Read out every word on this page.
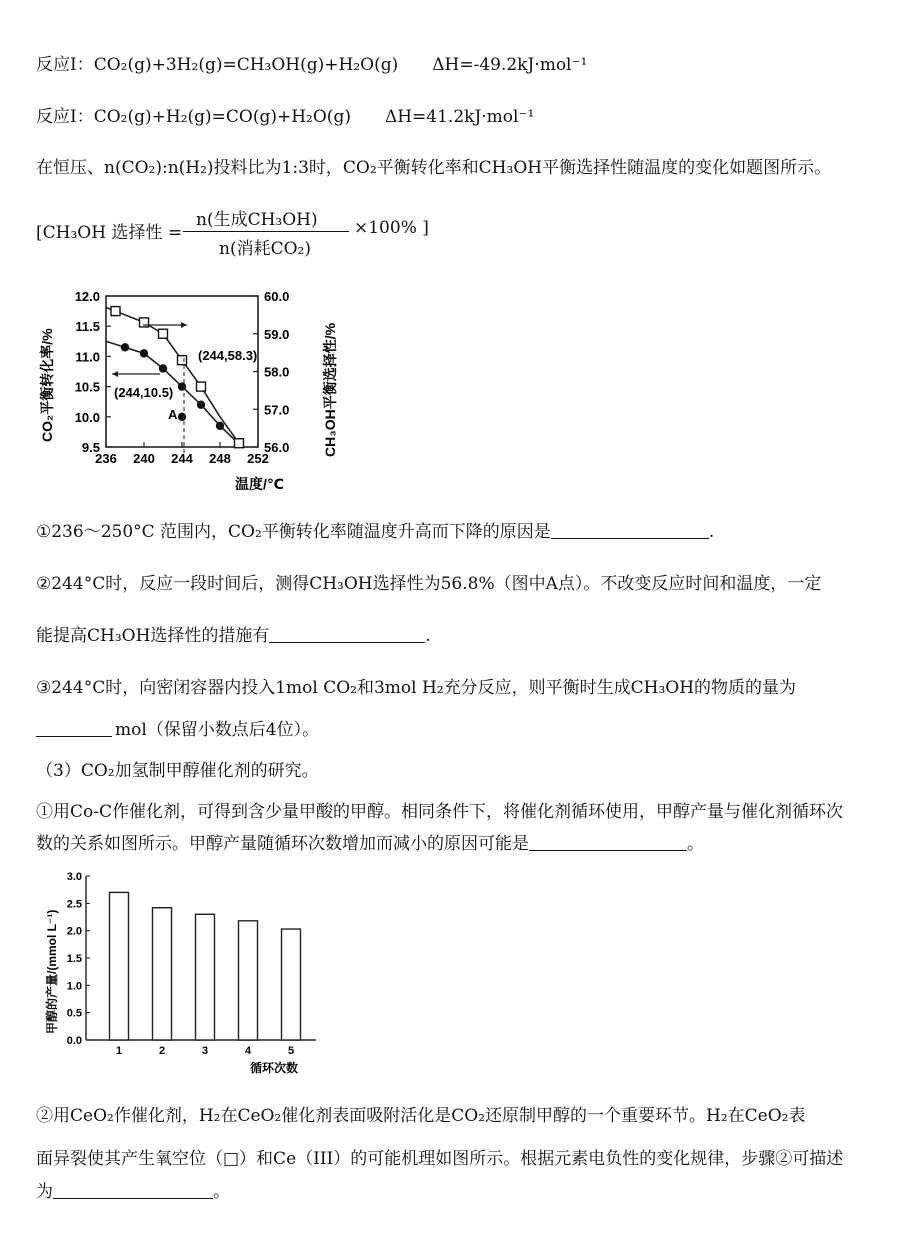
反应Ⅰ：CO₂(g)+3H₂(g)=CH₃OH(g)+H₂O(g)　　ΔH=-49.2kJ·mol⁻¹
反应Ⅰ：CO₂(g)+H₂(g)=CO(g)+H₂O(g)　　ΔH=41.2kJ·mol⁻¹
在恒压、n(CO₂):n(H₂)投料比为1:3时，CO₂平衡转化率和CH₃OH平衡选择性随温度的变化如题图所示。
[CH₃OH 选择性 =
n(生成CH₃OH)
n(消耗CO₂)
×100% ]
236 240 244 248 252
9.5
10.0
10.5
11.0
11.5
12.0
56.0
57.0
58.0
59.0
60.0
(244,58.3)
(244,10.5)
A
温度/℃
CO₂平衡转化率/%	CH₃OH平衡选择性/%
①236～250°C 范围内，CO₂平衡转化率随温度升高而下降的原因是	.
②244°C时，反应一段时间后，测得CH₃OH选择性为56.8%（图中A点）。不改变反应时间和温度，一定
能提高CH₃OH选择性的措施有	.
③244°C时，向密闭容器内投入1mol CO₂和3mol H₂充分反应，则平衡时生成CH₃OH的物质的量为
mol（保留小数点后4位）。
（3）CO₂加氢制甲醇催化剂的研究。
①用Co-C作催化剂，可得到含少量甲酸的甲醇。相同条件下，将催化剂循环使用，甲醇产量与催化剂循环次
数的关系如图所示。甲醇产量随循环次数增加而减小的原因可能是	。
0.0
0.5
1.0
1.5
2.0
2.5
3.0
1	2	3	4	5
循环次数
甲醇的产量/(mmol L⁻¹)
②用CeO₂作催化剂，H₂在CeO₂催化剂表面吸附活化是CO₂还原制甲醇的一个重要环节。H₂在CeO₂表
面异裂使其产生氧空位（□）和Ce（III）的可能机理如图所示。根据元素电负性的变化规律，步骤②可描述
为	。
